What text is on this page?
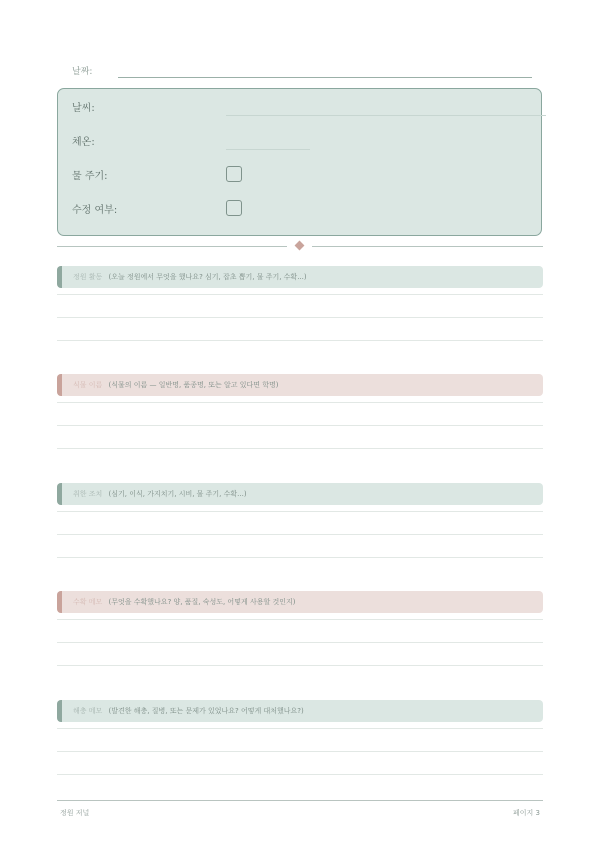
날짜:
날씨:
체온:
물 주기:
수정 여부:
정원 활동 (오늘 정원에서 무엇을 했나요? 심기, 잡초 뽑기, 물 주기, 수확...)
식물 이름 (식물의 이름 — 일반명, 품종명, 또는 알고 있다면 학명)
취한 조치 (심기, 이식, 가지치기, 시비, 물 주기, 수확...)
수확 메모 (무엇을 수확했나요? 양, 품질, 숙성도, 어떻게 사용할 것인지)
해충 메모 (발견한 해충, 질병, 또는 문제가 있었나요? 어떻게 대처했나요?)
정원 저널	페이지 3
